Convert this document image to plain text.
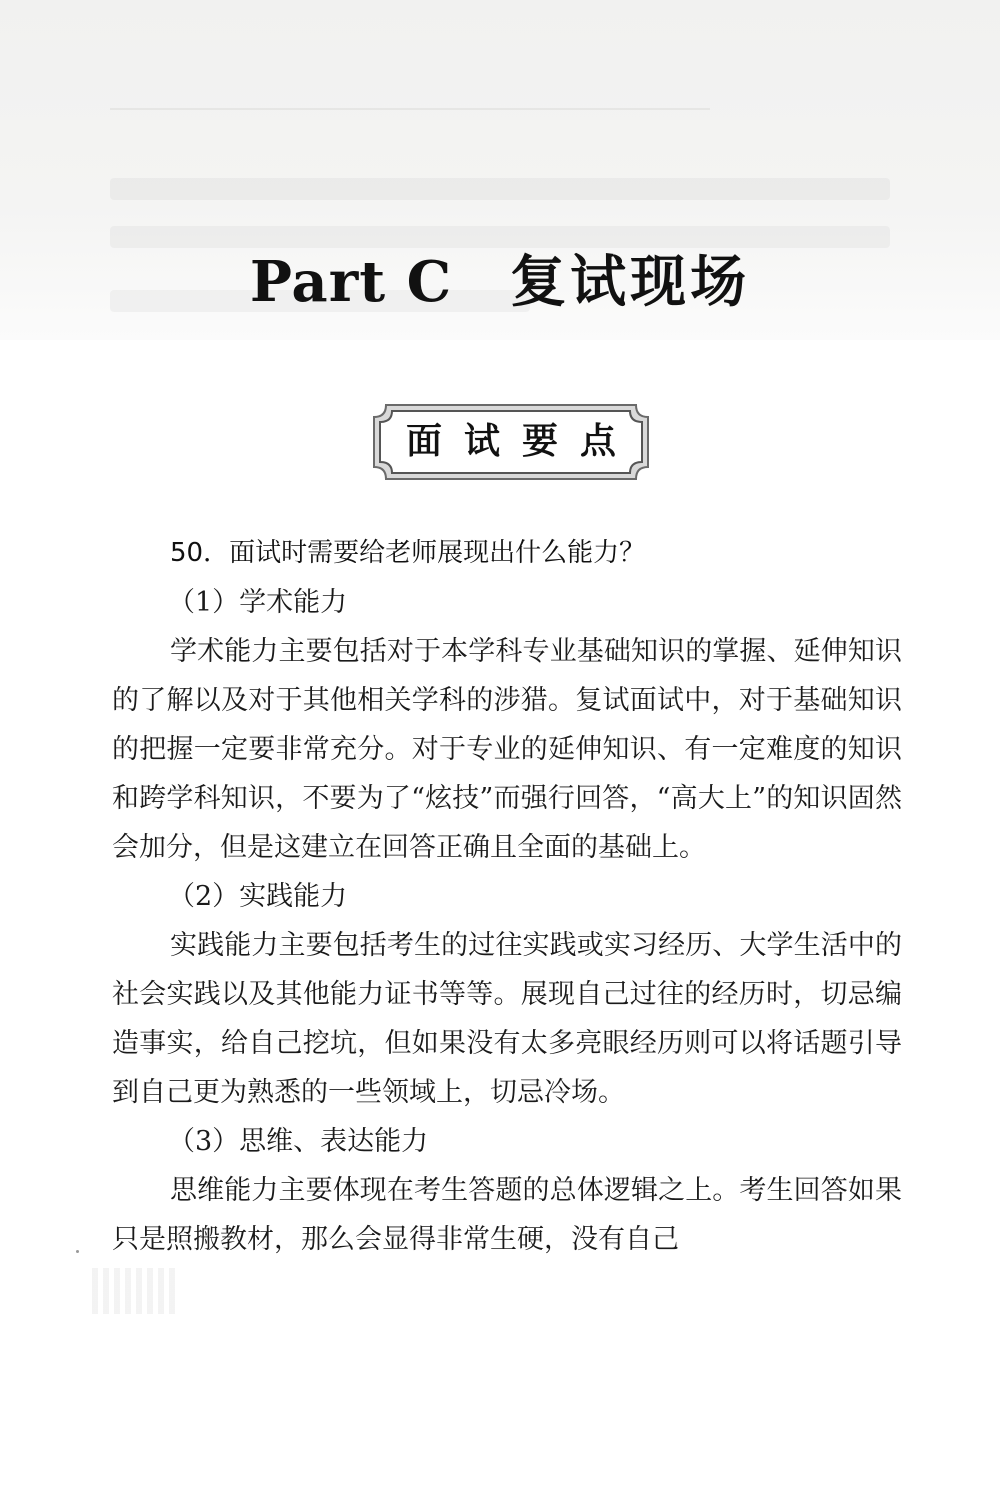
Part C 复试现场
面试要点
50．面试时需要给老师展现出什么能力？

（1）学术能力

学术能力主要包括对于本学科专业基础知识的掌握、延伸知识的了解以及对于其他相关学科的涉猎。复试面试中，对于基础知识的把握一定要非常充分。对于专业的延伸知识、有一定难度的知识和跨学科知识，不要为了“炫技”而强行回答，“高大上”的知识固然会加分，但是这建立在回答正确且全面的基础上。

（2）实践能力

实践能力主要包括考生的过往实践或实习经历、大学生活中的社会实践以及其他能力证书等等。展现自己过往的经历时，切忌编造事实，给自己挖坑，但如果没有太多亮眼经历则可以将话题引导到自己更为熟悉的一些领域上，切忌冷场。

（3）思维、表达能力

思维能力主要体现在考生答题的总体逻辑之上。考生回答如果只是照搬教材，那么会显得非常生硬，没有自己
